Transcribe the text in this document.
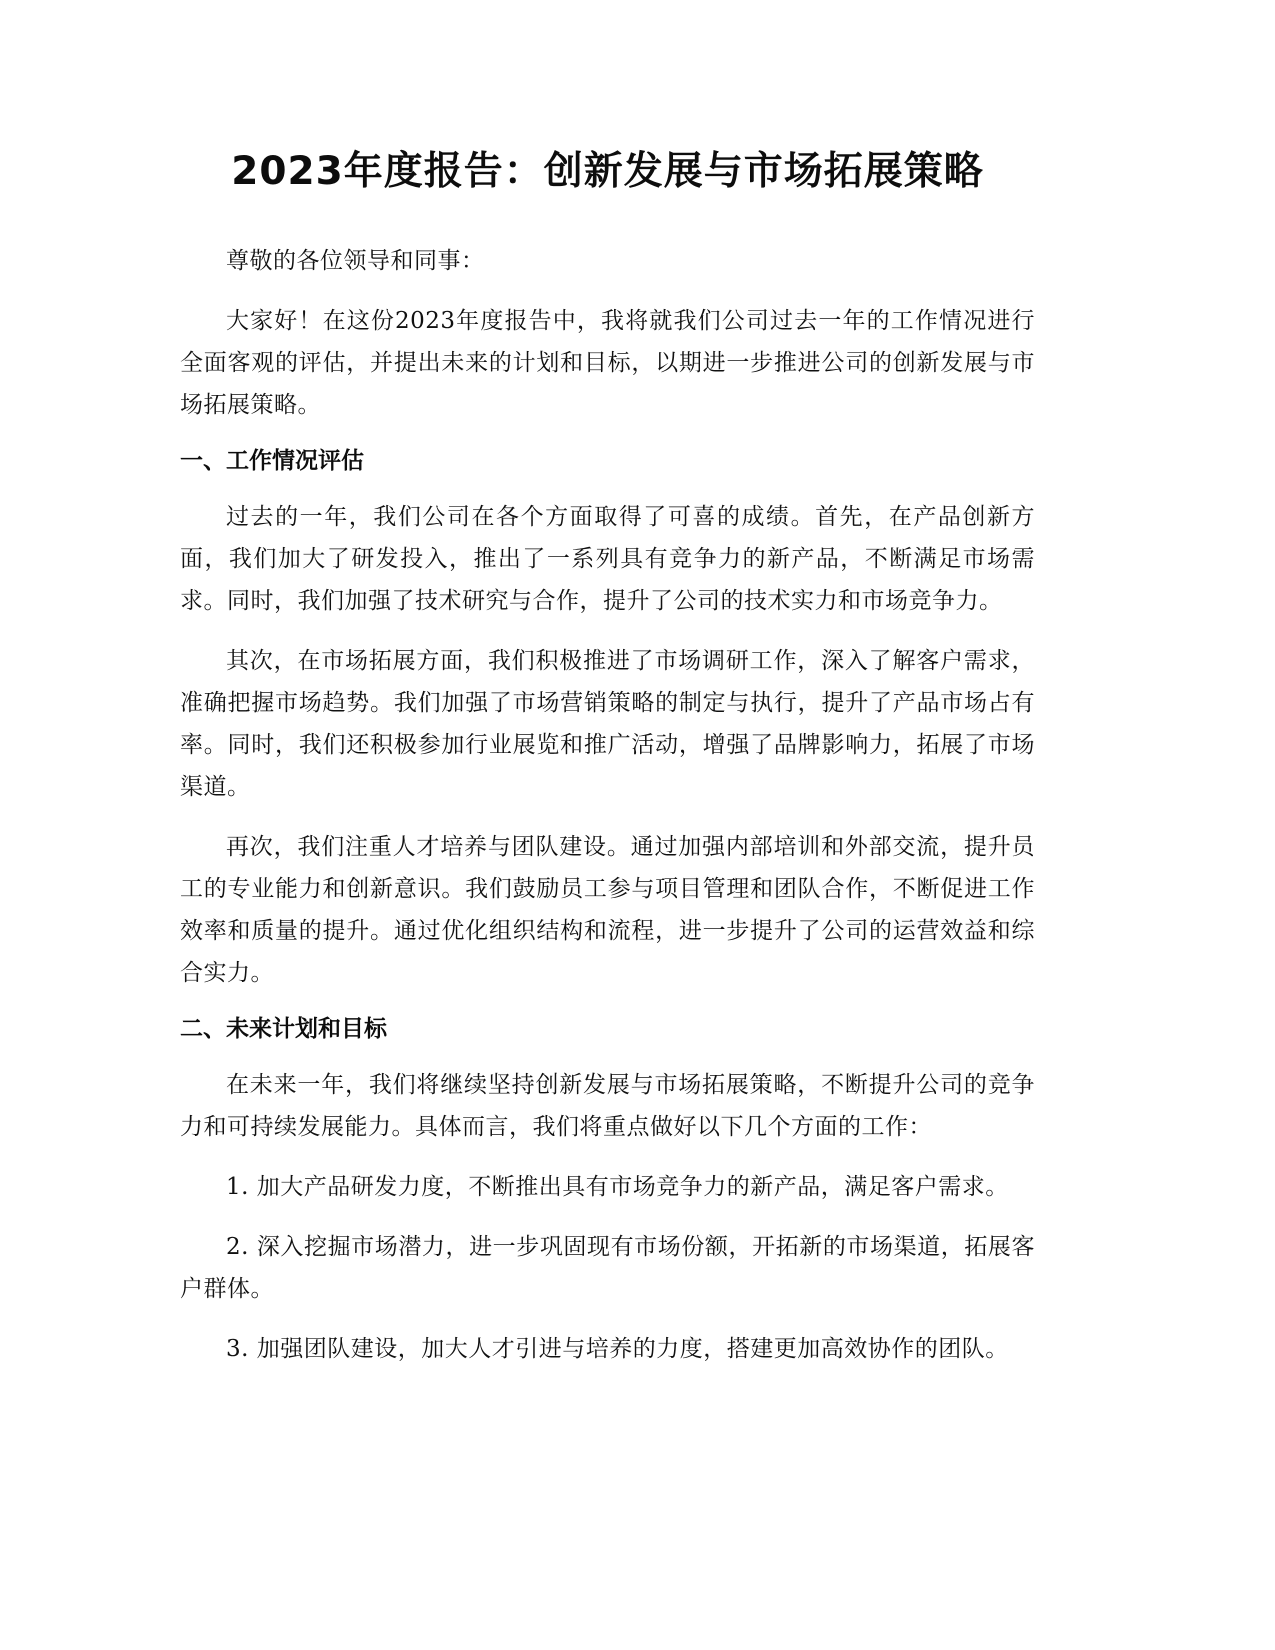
2023年度报告：创新发展与市场拓展策略

尊敬的各位领导和同事：

大家好！在这份2023年度报告中，我将就我们公司过去一年的工作情况进行全面客观的评估，并提出未来的计划和目标，以期进一步推进公司的创新发展与市场拓展策略。

一、工作情况评估

过去的一年，我们公司在各个方面取得了可喜的成绩。首先，在产品创新方面，我们加大了研发投入，推出了一系列具有竞争力的新产品，不断满足市场需求。同时，我们加强了技术研究与合作，提升了公司的技术实力和市场竞争力。

其次，在市场拓展方面，我们积极推进了市场调研工作，深入了解客户需求，准确把握市场趋势。我们加强了市场营销策略的制定与执行，提升了产品市场占有率。同时，我们还积极参加行业展览和推广活动，增强了品牌影响力，拓展了市场渠道。

再次，我们注重人才培养与团队建设。通过加强内部培训和外部交流，提升员工的专业能力和创新意识。我们鼓励员工参与项目管理和团队合作，不断促进工作效率和质量的提升。通过优化组织结构和流程，进一步提升了公司的运营效益和综合实力。

二、未来计划和目标

在未来一年，我们将继续坚持创新发展与市场拓展策略，不断提升公司的竞争力和可持续发展能力。具体而言，我们将重点做好以下几个方面的工作：

1. 加大产品研发力度，不断推出具有市场竞争力的新产品，满足客户需求。

2. 深入挖掘市场潜力，进一步巩固现有市场份额，开拓新的市场渠道，拓展客户群体。

3. 加强团队建设，加大人才引进与培养的力度，搭建更加高效协作的团队。
